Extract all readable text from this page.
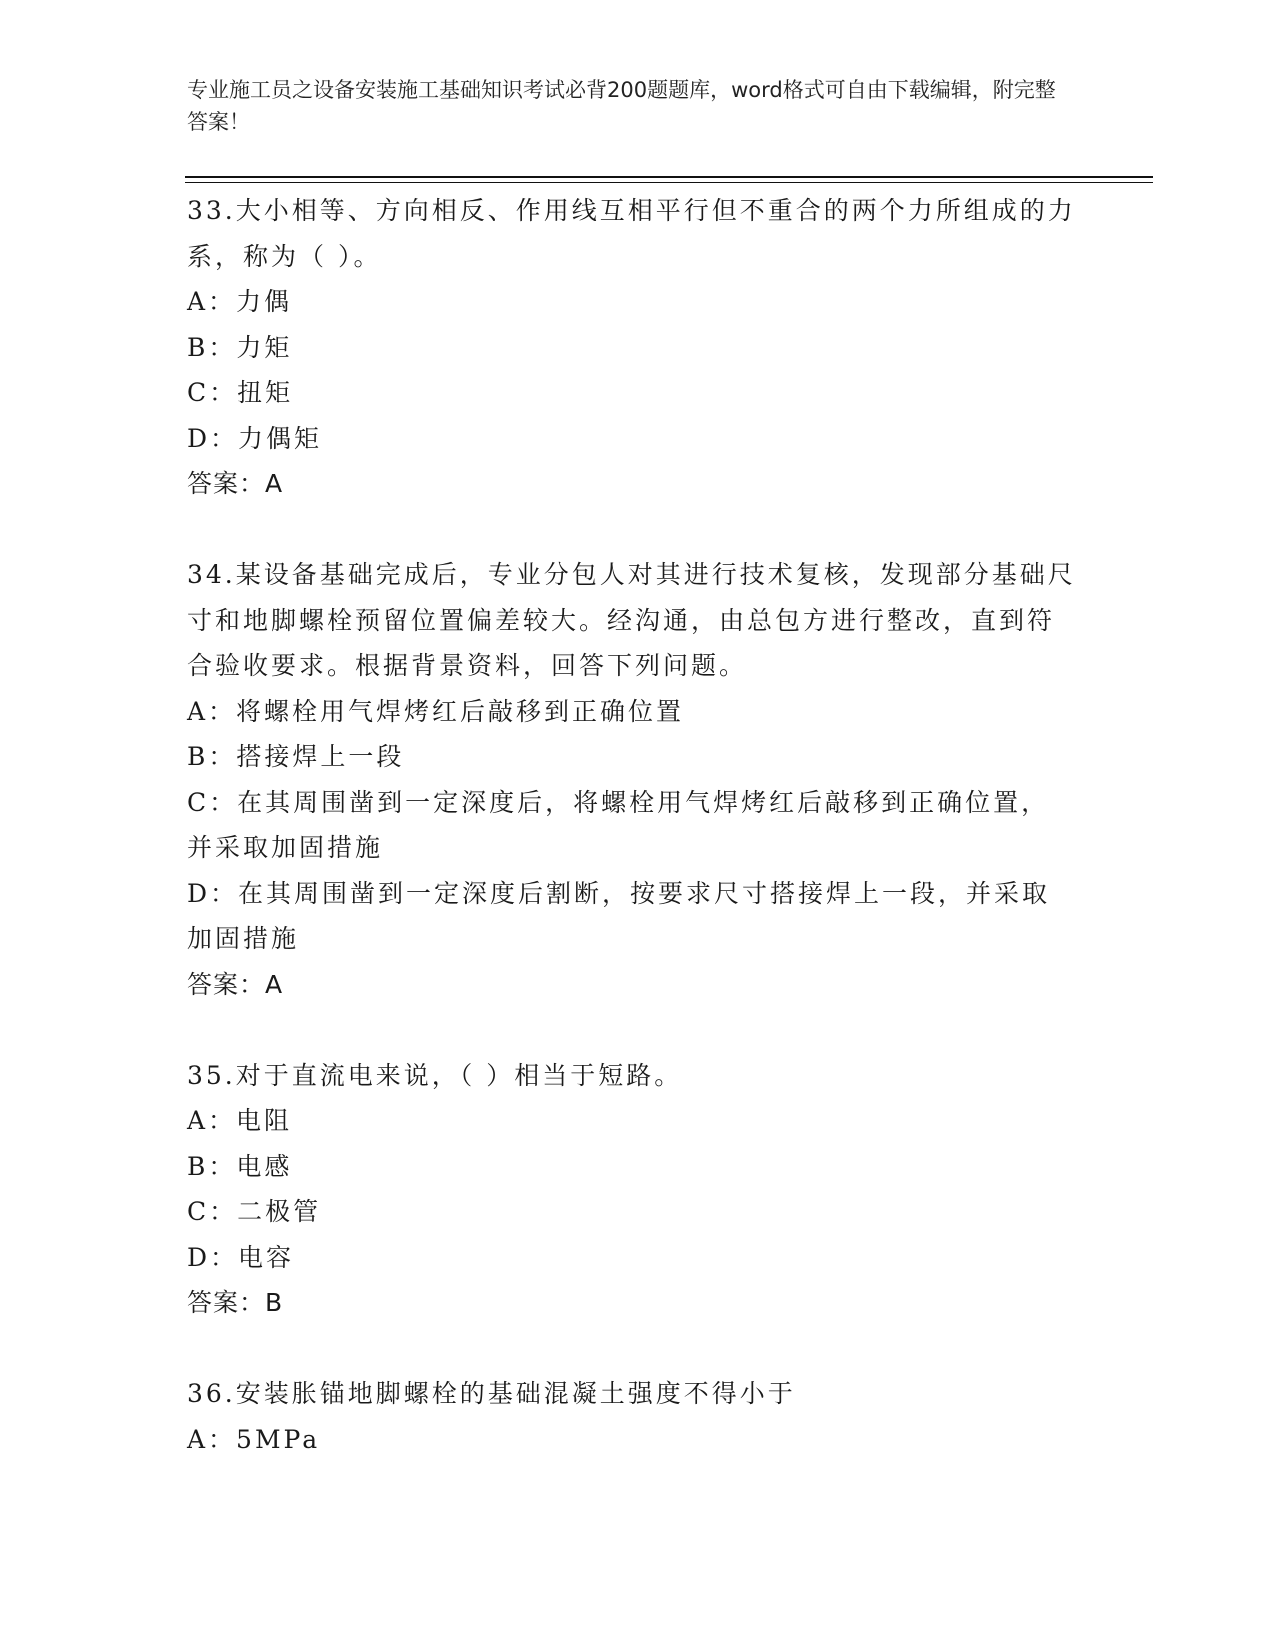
专业施工员之设备安装施工基础知识考试必背200题题库，word格式可自由下载编辑，附完整答案！

33.大小相等、方向相反、作用线互相平行但不重合的两个力所组成的力系，称为（ ）。

A：力偶

B：力矩

C：扭矩

D：力偶矩

答案：A

34.某设备基础完成后，专业分包人对其进行技术复核，发现部分基础尺寸和地脚螺栓预留位置偏差较大。经沟通，由总包方进行整改，直到符合验收要求。根据背景资料，回答下列问题。

A：将螺栓用气焊烤红后敲移到正确位置

B：搭接焊上一段

C：在其周围凿到一定深度后，将螺栓用气焊烤红后敲移到正确位置，并采取加固措施

D：在其周围凿到一定深度后割断，按要求尺寸搭接焊上一段，并采取加固措施

答案：A

35.对于直流电来说，（ ）相当于短路。

A：电阻

B：电感

C：二极管

D：电容

答案：B

36.安装胀锚地脚螺栓的基础混凝土强度不得小于

A：5MPa
